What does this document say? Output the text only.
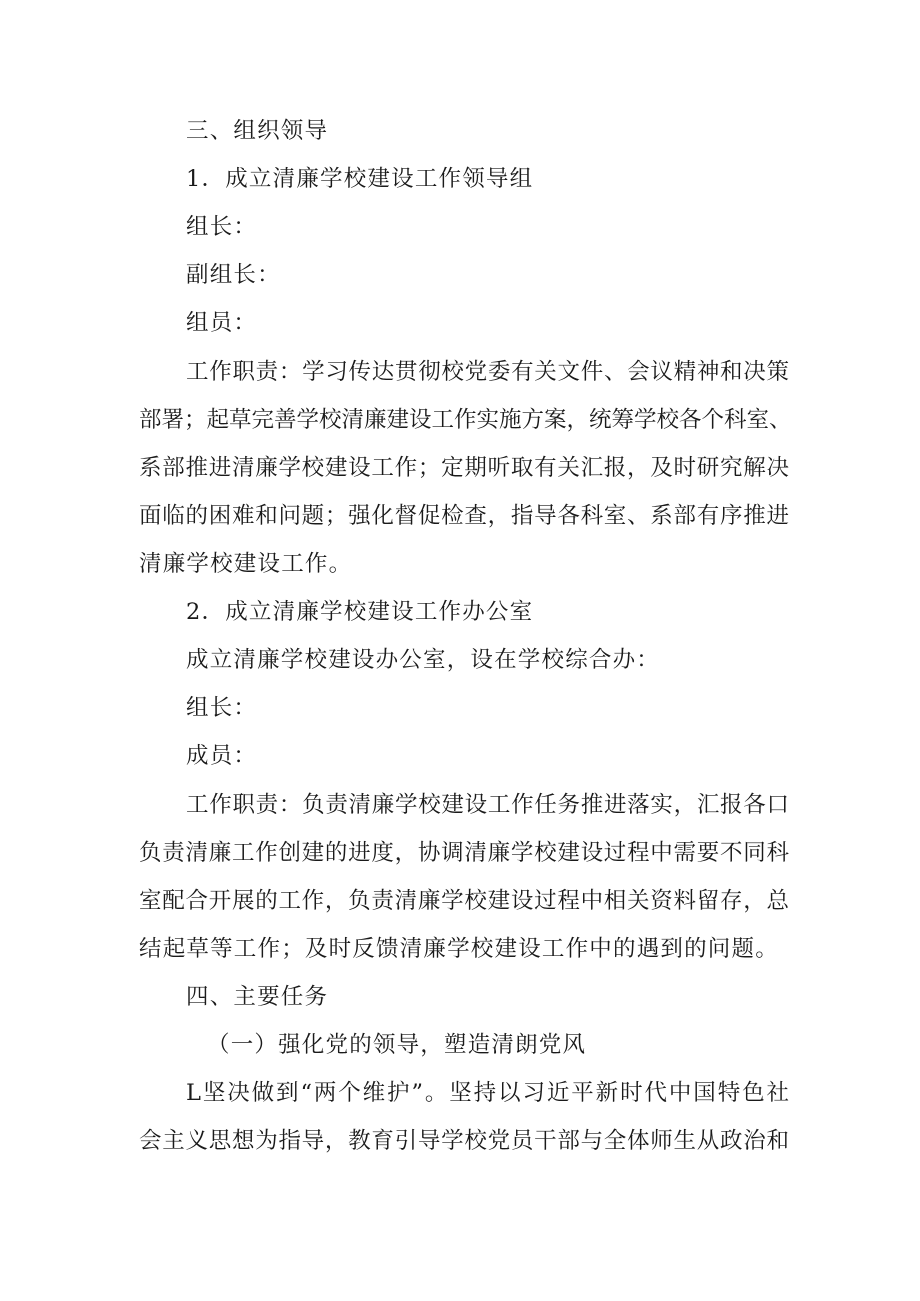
三、组织领导
1．成立清廉学校建设工作领导组
组长：
副组长：
组员：
工作职责：学习传达贯彻校党委有关文件、会议精神和决策
部署；起草完善学校清廉建设工作实施方案，统筹学校各个科室、
系部推进清廉学校建设工作；定期听取有关汇报，及时研究解决
面临的困难和问题；强化督促检查，指导各科室、系部有序推进
清廉学校建设工作。
2．成立清廉学校建设工作办公室
成立清廉学校建设办公室，设在学校综合办：
组长：
成员：
工作职责：负责清廉学校建设工作任务推进落实，汇报各口
负责清廉工作创建的进度，协调清廉学校建设过程中需要不同科
室配合开展的工作，负责清廉学校建设过程中相关资料留存，总
结起草等工作；及时反馈清廉学校建设工作中的遇到的问题。
四、主要任务
（一）强化党的领导，塑造清朗党风
L坚决做到“两个维护”。坚持以习近平新时代中国特色社
会主义思想为指导，教育引导学校党员干部与全体师生从政治和
